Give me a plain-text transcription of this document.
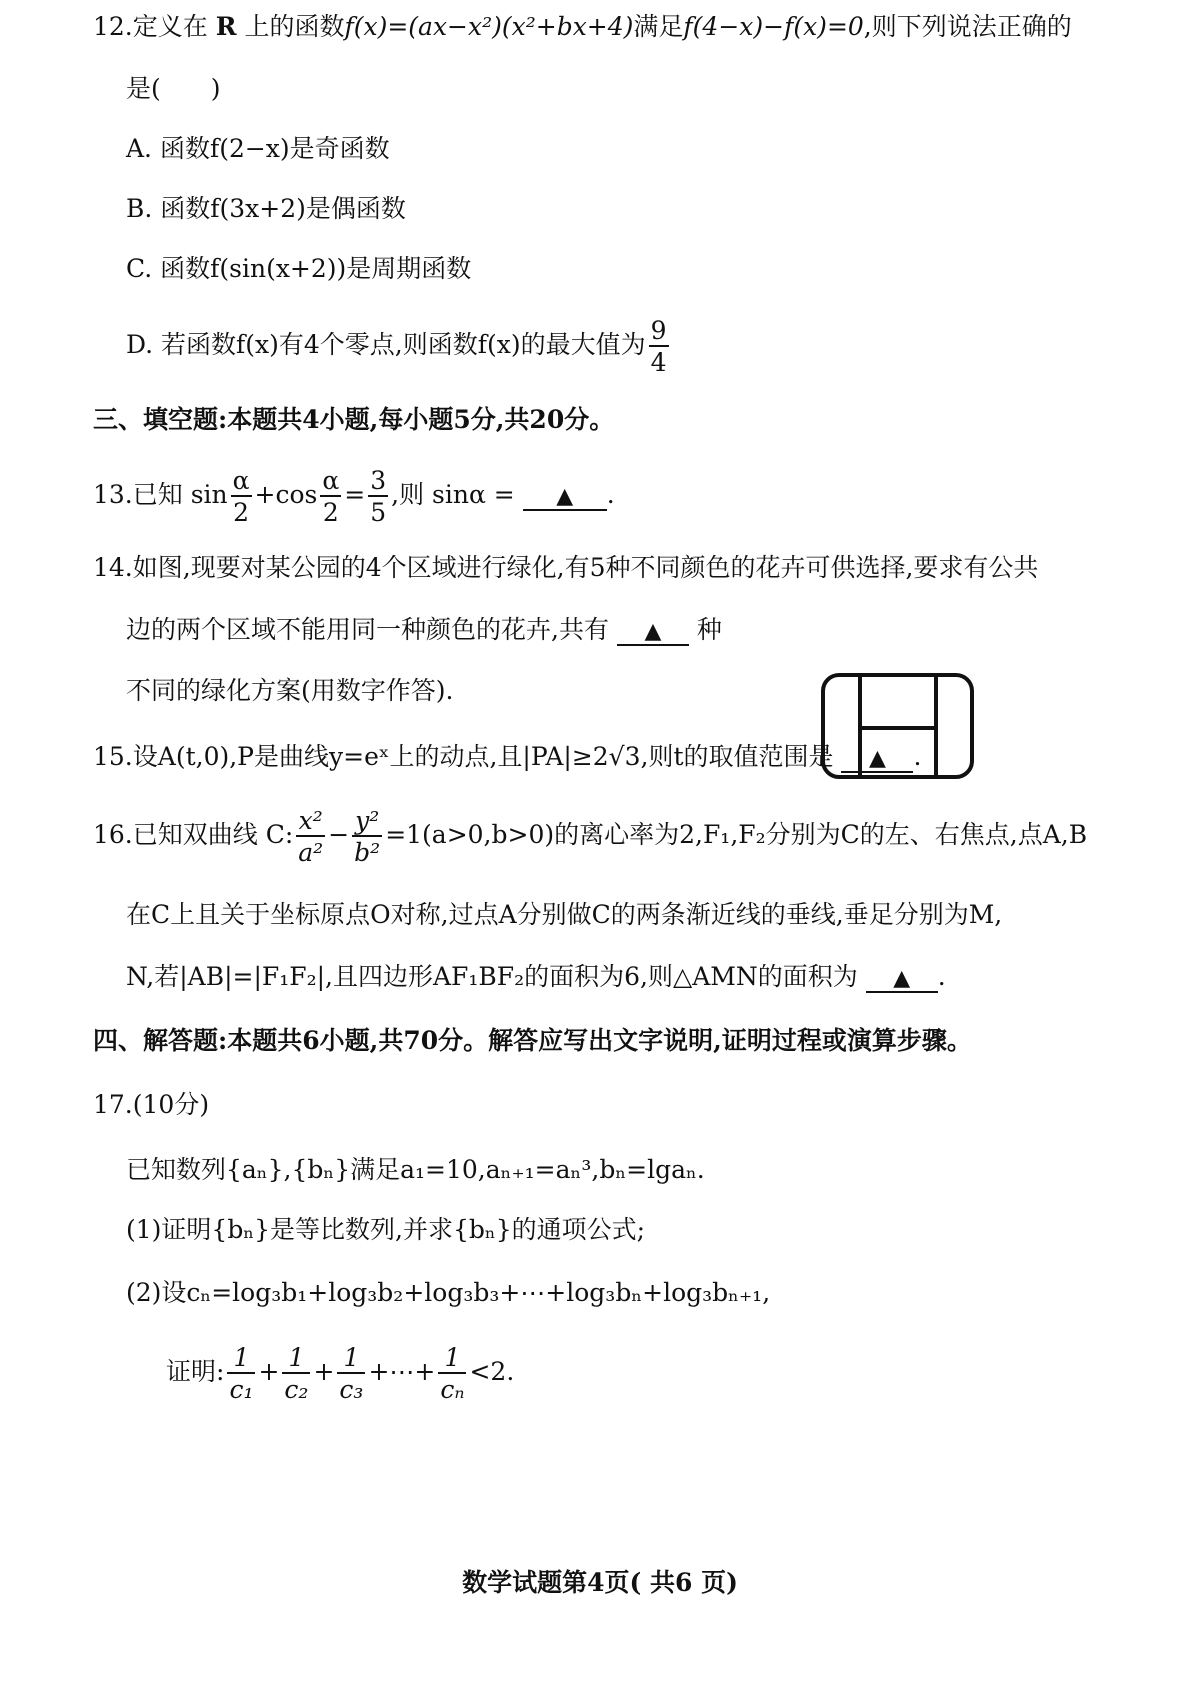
12.定义在 R 上的函数f(x)=(ax−x²)(x²+bx+4)满足f(4−x)−f(x)=0,则下列说法正确的
是(　　)
A. 函数f(2−x)是奇函数
B. 函数f(3x+2)是偶函数
C. 函数f(sin(x+2))是周期函数
D. 若函数f(x)有4个零点,则函数f(x)的最大值为 $\frac{9}{4}$
三、填空题:本题共4小题,每小题5分,共20分。
13.已知 $\sin \frac{\alpha}{2} +\cos \frac{\alpha}{2} = \frac{3}{5}$ ,则 sinα = ▲ .
14.如图,现要对某公园的4个区域进行绿化,有5种不同颜色的花卉可供选择,要求有公共
边的两个区域不能用同一种颜色的花卉,共有 ▲ 种
不同的绿化方案(用数字作答).
15.设A(t,0),P是曲线y=eˣ上的动点,且|PA|≥2√3,则t的取值范围是 ▲ .
16.已知双曲线 C: $\frac{\text{x²}}{\text{a²}} - \frac{\text{y²}}{\text{b²}} =1(a>0,b>0)$的离心率为2,F₁,F₂分别为C的左、右焦点,点A,B
在C上且关于坐标原点O对称,过点A分别做C的两条渐近线的垂线,垂足分别为M,
N,若|AB|=|F₁F₂|,且四边形AF₁BF₂的面积为6,则△AMN的面积为 ▲ .
四、解答题:本题共6小题,共70分。解答应写出文字说明,证明过程或演算步骤。
17.(10分)
已知数列{aₙ},{bₙ}满足a₁=10,aₙ₊₁=aₙ³,bₙ=lgaₙ.
(1)证明{bₙ}是等比数列,并求{bₙ}的通项公式;
(2)设cₙ=log₃b₁+log₃b₂+log₃b₃+⋯+log₃bₙ+log₃bₙ₊₁,
证明: $\frac{1}{\text{c₁}} + \frac{1}{\text{c₂}} + \frac{1}{\text{c₃}}$ +⋯+ $\frac{1}{\text{cₙ}} <2$.
数学试题第4页( 共6 页)
